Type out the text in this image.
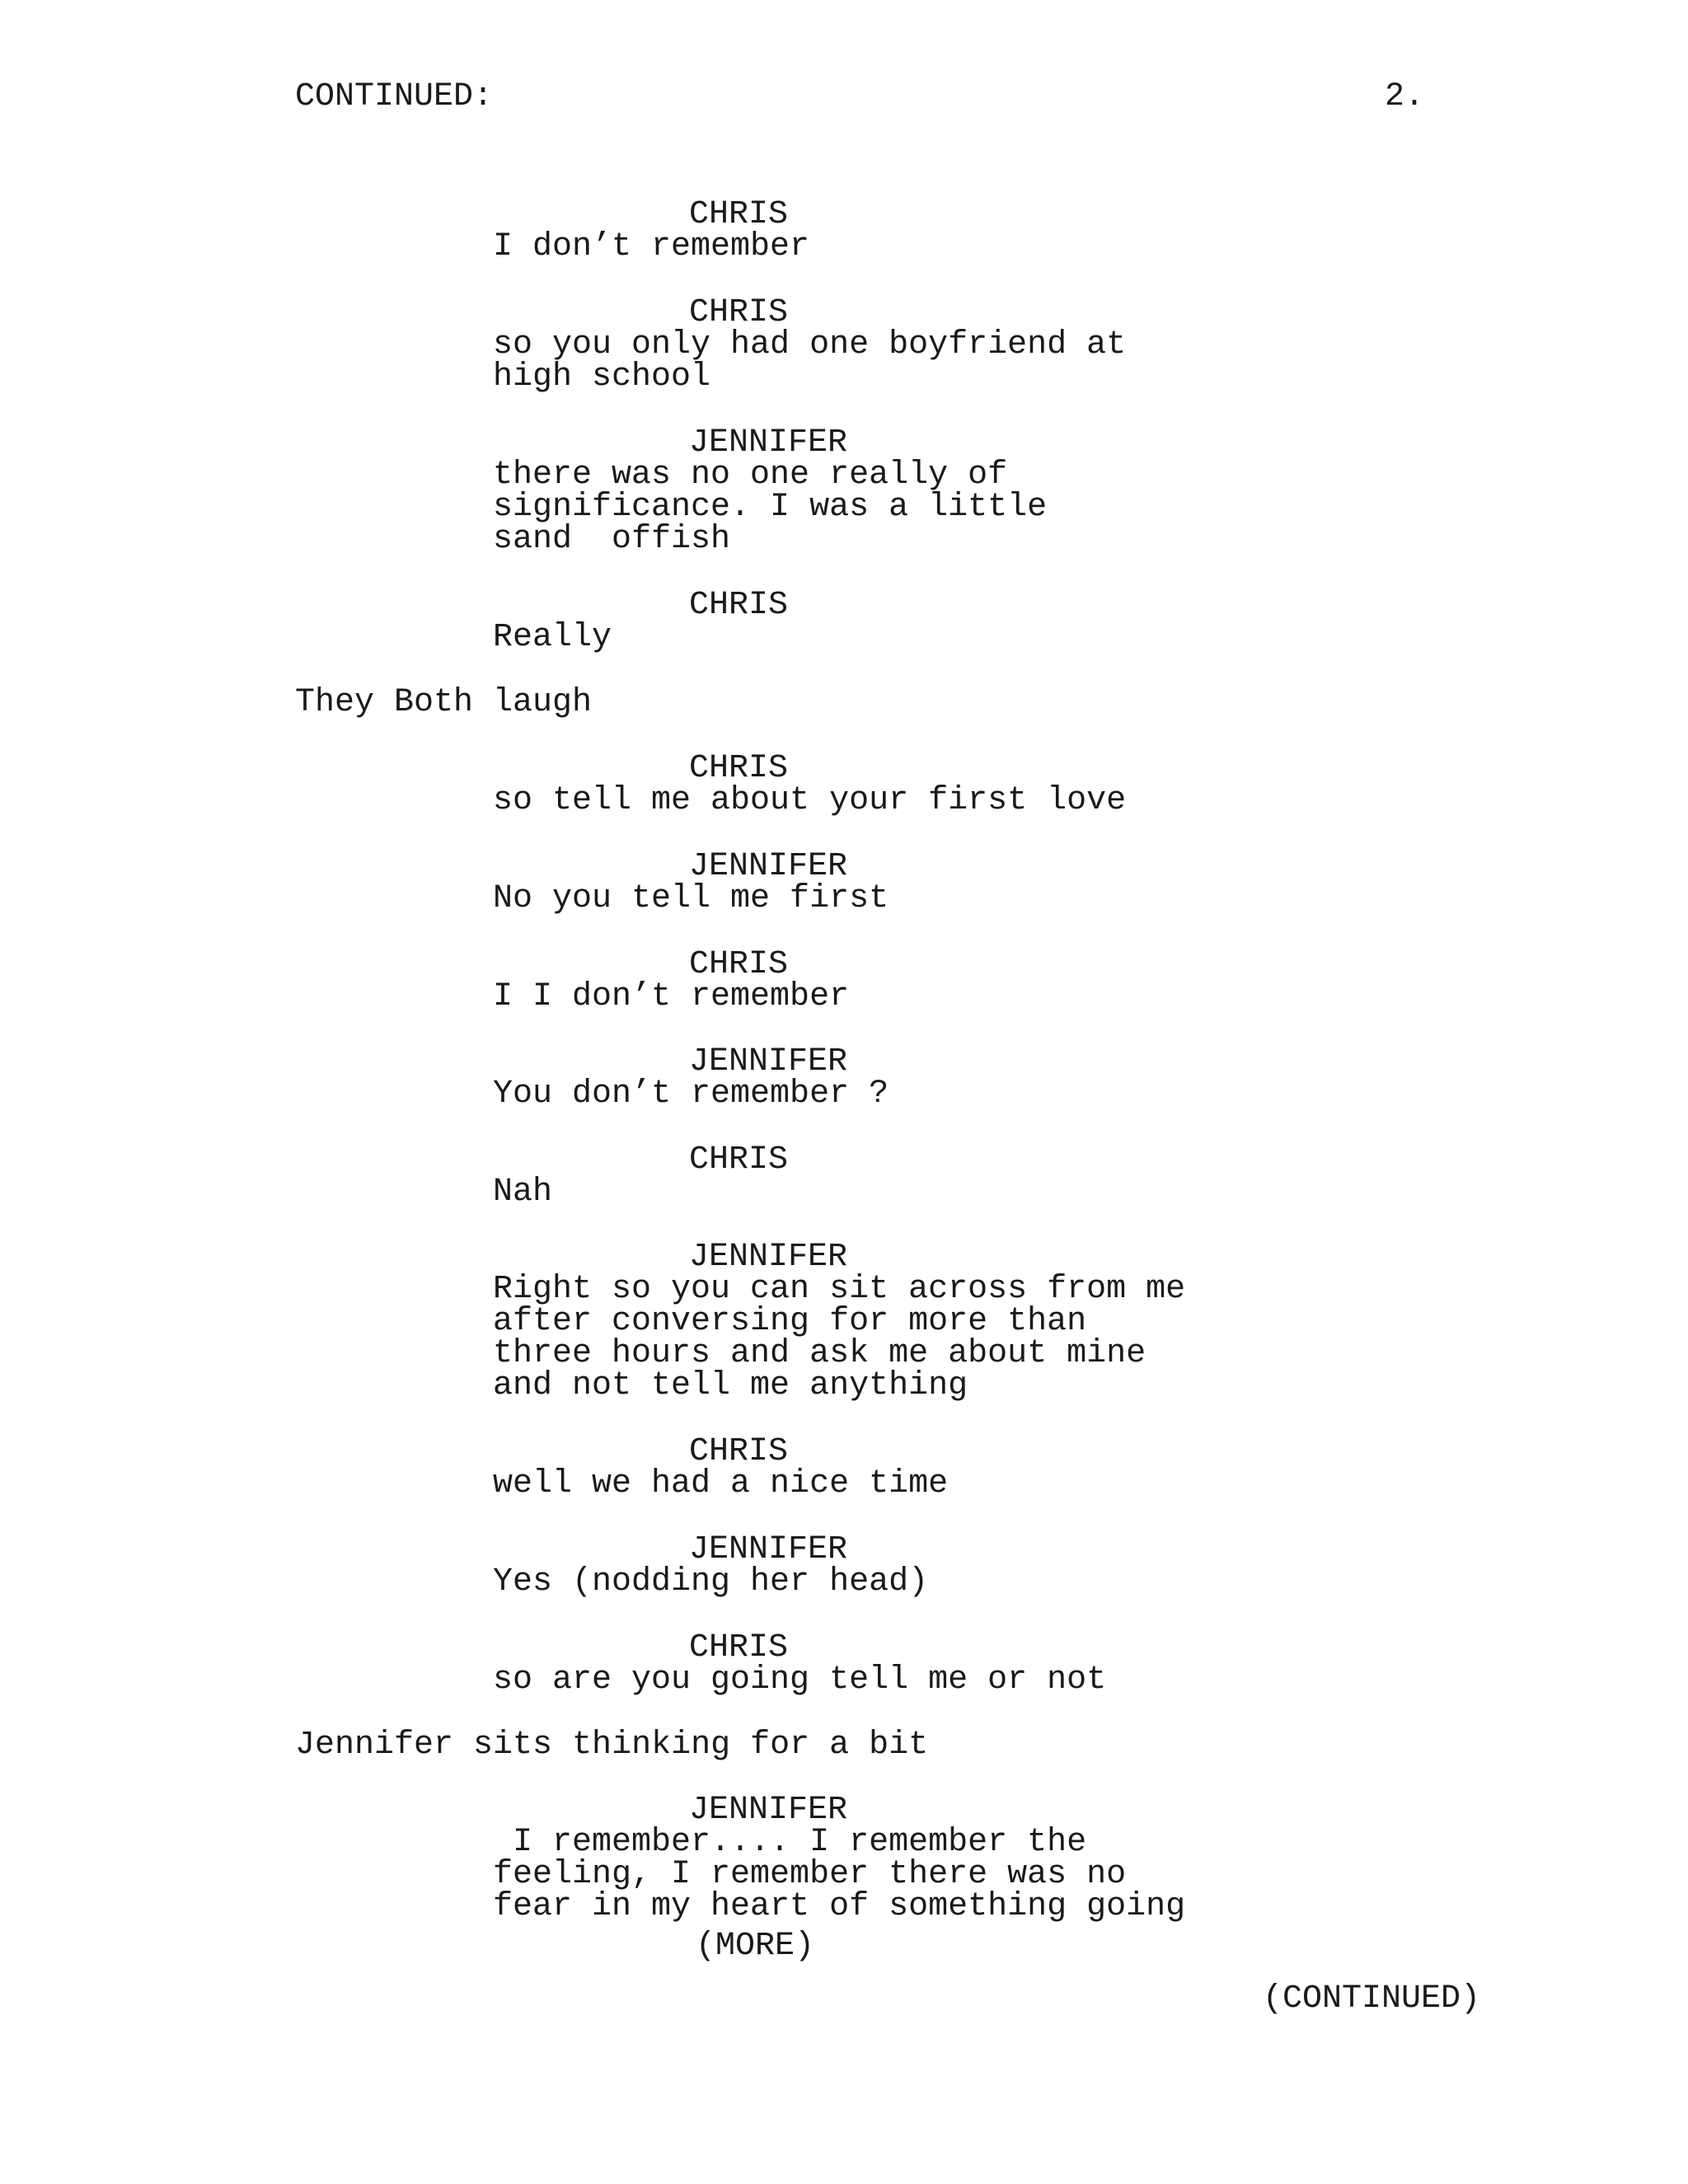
CONTINUED:	2.
CHRIS
I don’t remember
CHRIS
so you only had one boyfriend at
high school
JENNIFER
there was no one really of
significance. I was a little
sand  offish
CHRIS
Really
They Both laugh
CHRIS
so tell me about your first love
JENNIFER
No you tell me first
CHRIS
I I don’t remember
JENNIFER
You don’t remember ?
CHRIS
Nah
JENNIFER
Right so you can sit across from me
after conversing for more than
three hours and ask me about mine
and not tell me anything
CHRIS
well we had a nice time
JENNIFER
Yes (nodding her head)
CHRIS
so are you going tell me or not
Jennifer sits thinking for a bit
JENNIFER
I remember.... I remember the
feeling, I remember there was no
fear in my heart of something going
(MORE)
(CONTINUED)
